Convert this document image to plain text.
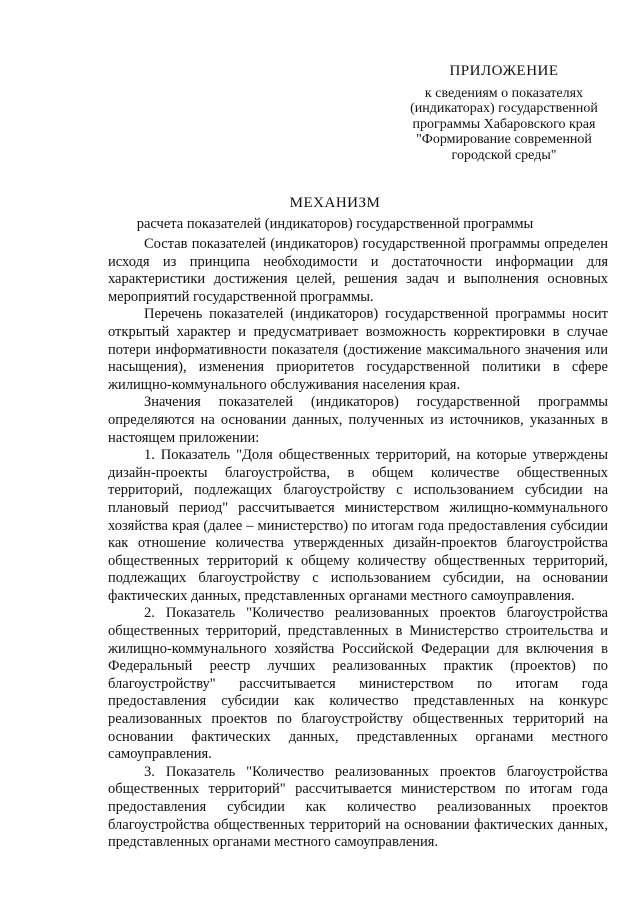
ПРИЛОЖЕНИЕ
к сведениям о показателях
(индикаторах) государственной
программы Хабаровского края
"Формирование современной
городской среды"
МЕХАНИЗМ
расчета показателей (индикаторов) государственной программы

Состав показателей (индикаторов) государственной программы определен исходя из принципа необходимости и достаточности информации для характеристики достижения целей, решения задач и выполнения основных мероприятий государственной программы.

Перечень показателей (индикаторов) государственной программы носит открытый характер и предусматривает возможность корректировки в случае потери информативности показателя (достижение максимального значения или насыщения), изменения приоритетов государственной политики в сфере жилищно-коммунального обслуживания населения края.

Значения показателей (индикаторов) государственной программы определяются на основании данных, полученных из источников, указанных в настоящем приложении:

1. Показатель "Доля общественных территорий, на которые утверждены дизайн-проекты благоустройства, в общем количестве общественных территорий, подлежащих благоустройству с использованием субсидии на плановый период" рассчитывается министерством жилищно-коммунального хозяйства края (далее – министерство) по итогам года предоставления субсидии как отношение количества утвержденных дизайн-проектов благоустройства общественных территорий к общему количеству общественных территорий, подлежащих благоустройству с использованием субсидии, на основании фактических данных, представленных органами местного самоуправления.

2. Показатель "Количество реализованных проектов благоустройства общественных территорий, представленных в Министерство строительства и жилищно-коммунального хозяйства Российской Федерации для включения в Федеральный реестр лучших реализованных практик (проектов) по благоустройству" рассчитывается министерством по итогам года предоставления субсидии как количество представленных на конкурс реализованных проектов по благоустройству общественных территорий на основании фактических данных, представленных органами местного самоуправления.

3. Показатель "Количество реализованных проектов благоустройства общественных территорий" рассчитывается министерством по итогам года предоставления субсидии как количество реализованных проектов благоустройства общественных территорий на основании фактических данных, представленных органами местного самоуправления.
